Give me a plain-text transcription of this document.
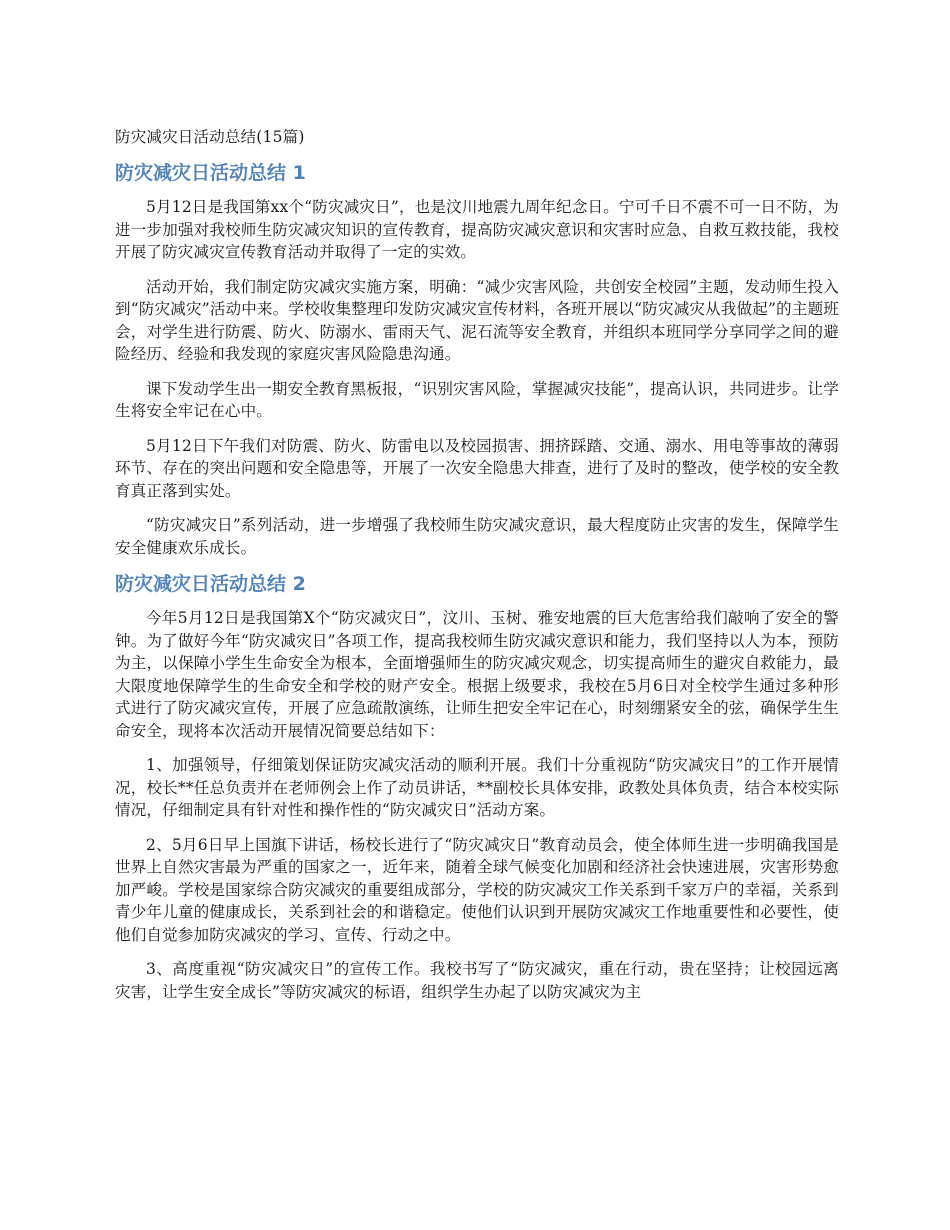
防灾减灾日活动总结(15篇)
防灾减灾日活动总结 1

5月12日是我国第xx个“防灾减灾日”，也是汶川地震九周年纪念日。宁可千日不震不可一日不防，为进一步加强对我校师生防灾减灾知识的宣传教育，提高防灾减灾意识和灾害时应急、自救互救技能，我校开展了防灾减灾宣传教育活动并取得了一定的实效。

活动开始，我们制定防灾减灾实施方案，明确：“减少灾害风险，共创安全校园”主题，发动师生投入到“防灾减灾”活动中来。学校收集整理印发防灾减灾宣传材料，各班开展以“防灾减灾从我做起”的主题班会，对学生进行防震、防火、防溺水、雷雨天气、泥石流等安全教育，并组织本班同学分享同学之间的避险经历、经验和我发现的家庭灾害风险隐患沟通。

课下发动学生出一期安全教育黑板报，“识别灾害风险，掌握减灾技能”，提高认识，共同进步。让学生将安全牢记在心中。

5月12日下午我们对防震、防火、防雷电以及校园损害、拥挤踩踏、交通、溺水、用电等事故的薄弱环节、存在的突出问题和安全隐患等，开展了一次安全隐患大排查，进行了及时的整改，使学校的安全教育真正落到实处。

“防灾减灾日”系列活动，进一步增强了我校师生防灾减灾意识，最大程度防止灾害的发生，保障学生安全健康欢乐成长。

防灾减灾日活动总结 2

今年5月12日是我国第X个“防灾减灾日”，汶川、玉树、雅安地震的巨大危害给我们敲响了安全的警钟。为了做好今年“防灾减灾日”各项工作，提高我校师生防灾减灾意识和能力，我们坚持以人为本，预防为主，以保障小学生生命安全为根本，全面增强师生的防灾减灾观念，切实提高师生的避灾自救能力，最大限度地保障学生的生命安全和学校的财产安全。根据上级要求，我校在5月6日对全校学生通过多种形式进行了防灾减灾宣传，开展了应急疏散演练，让师生把安全牢记在心，时刻绷紧安全的弦，确保学生生命安全，现将本次活动开展情况简要总结如下：

1、加强领导，仔细策划保证防灾减灾活动的顺利开展。我们十分重视防“防灾减灾日”的工作开展情况，校长**任总负责并在老师例会上作了动员讲话，**副校长具体安排，政教处具体负责，结合本校实际情况，仔细制定具有针对性和操作性的“防灾减灾日”活动方案。

2、5月6日早上国旗下讲话，杨校长进行了“防灾减灾日”教育动员会，使全体师生进一步明确我国是世界上自然灾害最为严重的国家之一，近年来，随着全球气候变化加剧和经济社会快速进展，灾害形势愈加严峻。学校是国家综合防灾减灾的重要组成部分，学校的防灾减灾工作关系到千家万户的幸福，关系到青少年儿童的健康成长，关系到社会的和谐稳定。使他们认识到开展防灾减灾工作地重要性和必要性，使他们自觉参加防灾减灾的学习、宣传、行动之中。

3、高度重视“防灾减灾日”的宣传工作。我校书写了“防灾减灾，重在行动，贵在坚持；让校园远离灾害，让学生安全成长”等防灾减灾的标语，组织学生办起了以防灾减灾为主
